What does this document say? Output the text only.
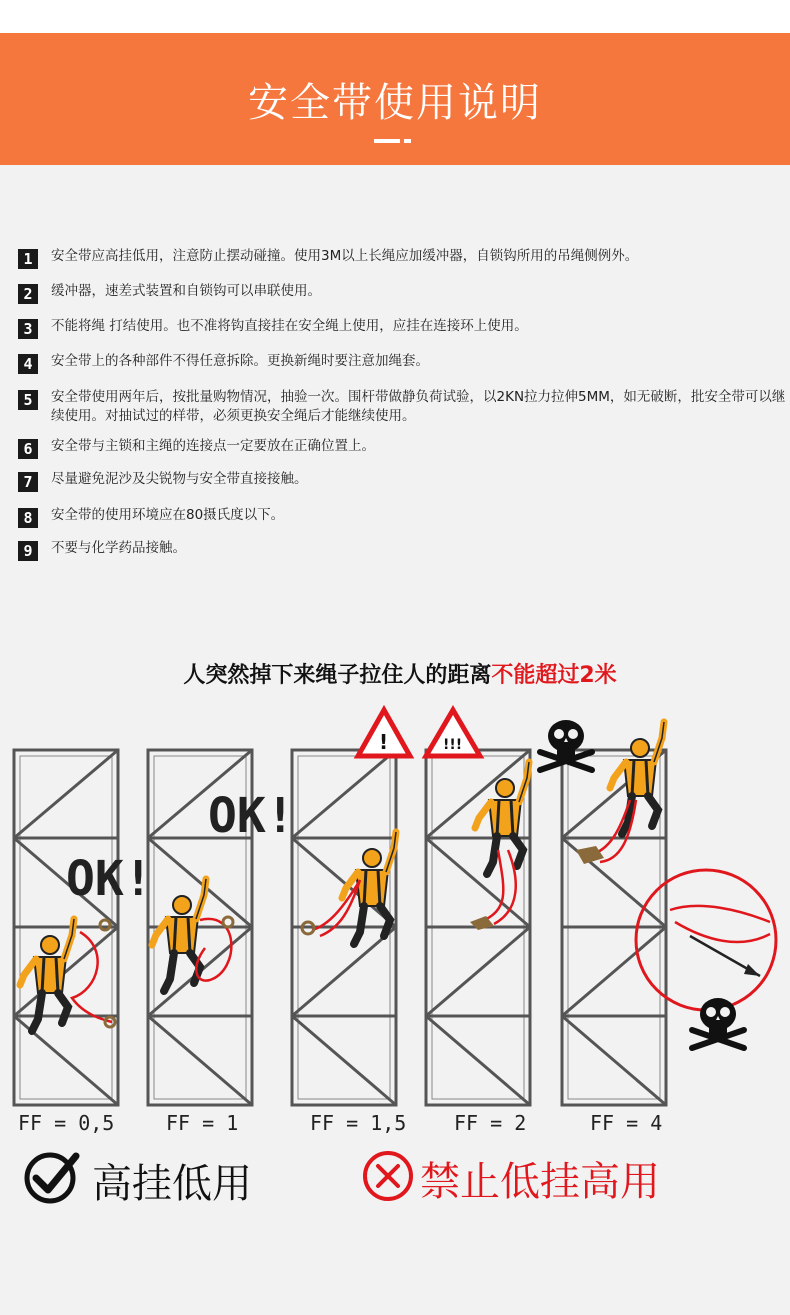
安全带使用说明
1	安全带应高挂低用，注意防止摆动碰撞。使用3M以上长绳应加缓冲器，自锁钩所用的吊绳侧例外。
2	缓冲器，速差式装置和自锁钩可以串联使用。
3	不能将绳 打结使用。也不准将钩直接挂在安全绳上使用，应挂在连接环上使用。
4	安全带上的各种部件不得任意拆除。更换新绳时要注意加绳套。
5	安全带使用两年后，按批量购物情况，抽验一次。围杆带做静负荷试验，以2KN拉力拉伸5MM，如无破断，批安全带可以继续使用。对抽试过的样带，必须更换安全绳后才能继续使用。
6	安全带与主锁和主绳的连接点一定要放在正确位置上。
7	尽量避免泥沙及尖锐物与安全带直接接触。
8	安全带的使用环境应在80摄氏度以下。
9	不要与化学药品接触。
人突然掉下来绳子拉住人的距离不能超过2米
OK!
OK!
!	!!!
FF = 0,5	FF = 1	FF = 1,5 FF = 2	FF = 4
高挂低用	禁止低挂高用
